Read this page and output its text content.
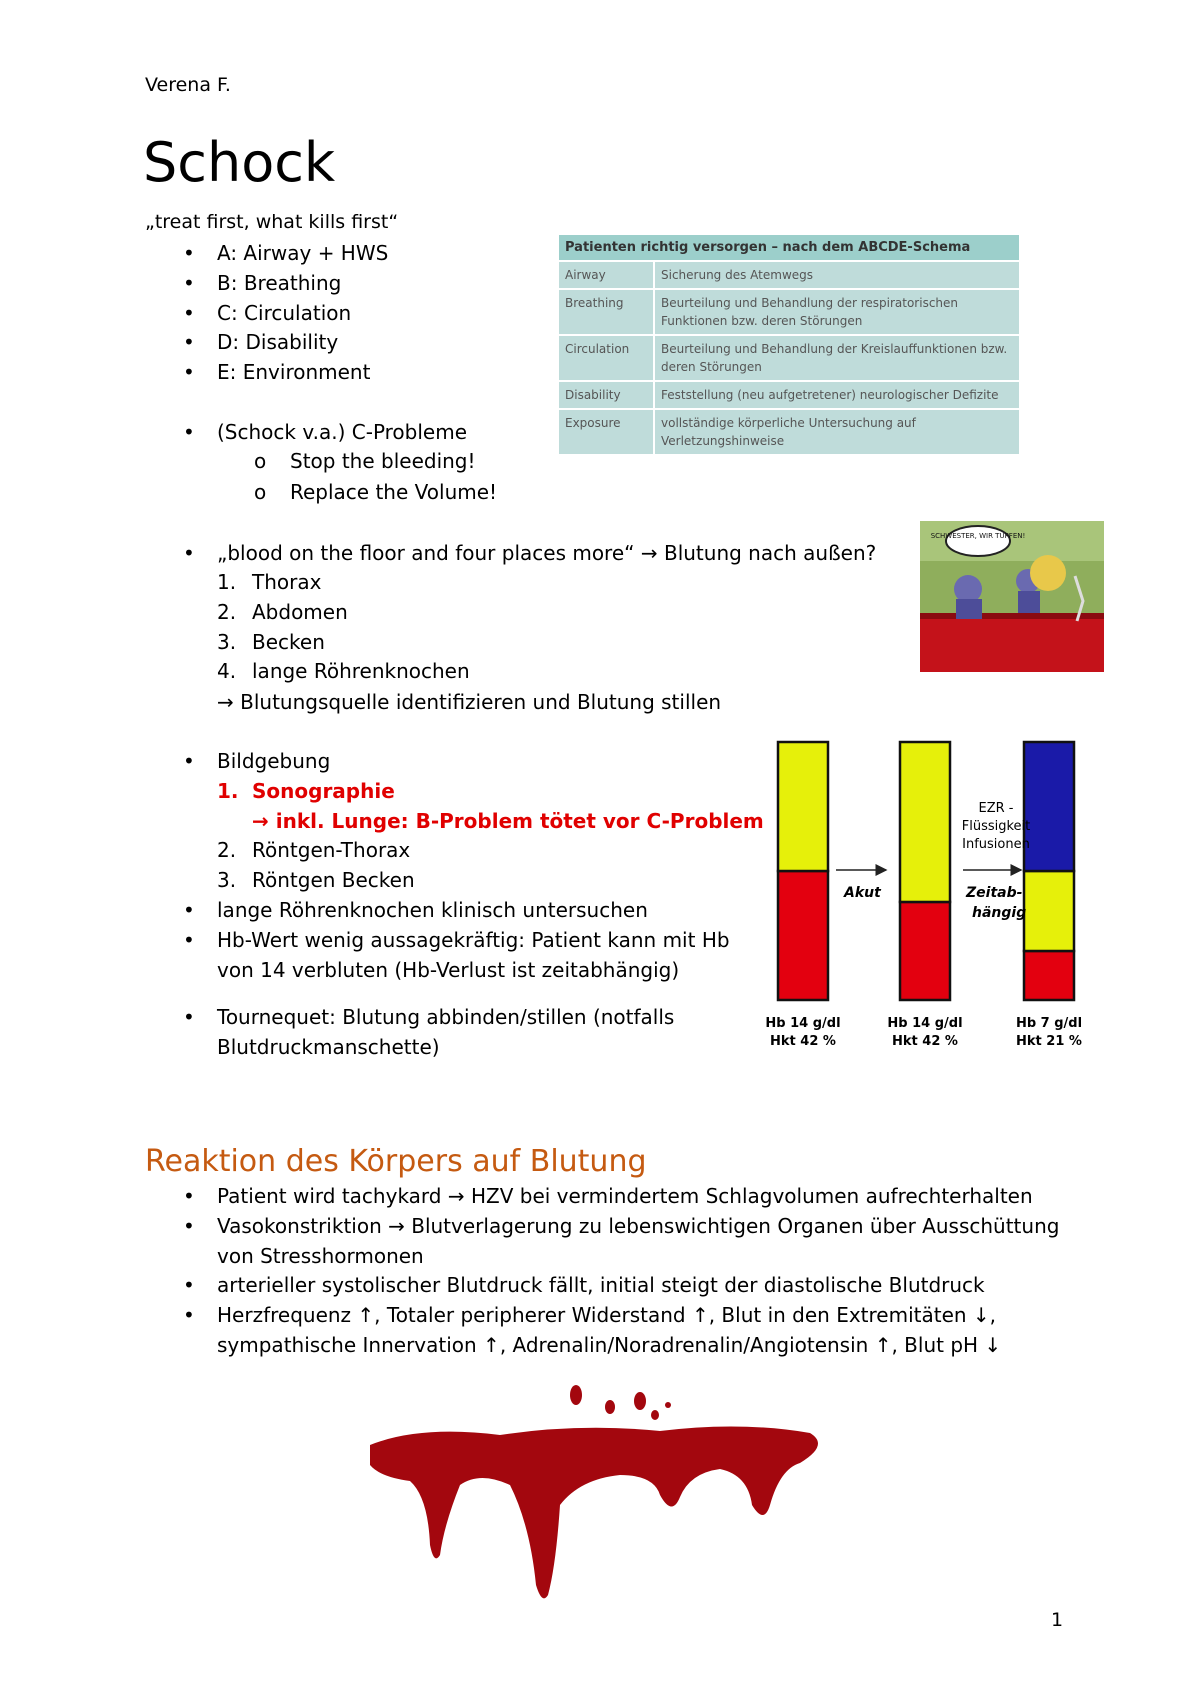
Verena F.
Schock
„treat first, what kills first“
• A: Airway + HWS
• B: Breathing
• C: Circulation
• D: Disability
• E: Environment
• (Schock v.a.) C-Probleme
o Stop the bleeding!
o Replace the Volume!
• „blood on the floor and four places more“ → Blutung nach außen?
1. Thorax
2. Abdomen
3. Becken
4. lange Röhrenknochen
→ Blutungsquelle identifizieren und Blutung stillen
• Bildgebung
1. Sonographie
→ inkl. Lunge: B-Problem tötet vor C-Problem
2. Röntgen-Thorax
3. Röntgen Becken
• lange Röhrenknochen klinisch untersuchen
• Hb-Wert wenig aussagekräftig: Patient kann mit Hb
von 14 verbluten (Hb-Verlust ist zeitabhängig)
• Tournequet: Blutung abbinden/stillen (notfalls
Blutdruckmanschette)
Patienten richtig versorgen – nach dem ABCDE-Schema	
Airway	Sicherung des Atemwegs
Breathing	Beurteilung und Behandlung der respiratorischen Funktionen bzw. deren Störungen
Circulation	Beurteilung und Behandlung der Kreislauffunktionen bzw. deren Störungen
Disability	Feststellung (neu aufgetretener) neurologischer Defizite
Exposure	vollständige körperliche Untersuchung auf Verletzungshinweise
SCHWESTER, WIR TUPFEN!
Hb 14 g/dl
Hkt 42 %
Hb 14 g/dl
Hkt 42 %
Hb 7 g/dl
Hkt 21 %
Akut	Zeitab-
hängig
EZR -
Flüssigkeit
Infusionen
Reaktion des Körpers auf Blutung
• Patient wird tachykard → HZV bei vermindertem Schlagvolumen aufrechterhalten
• Vasokonstriktion → Blutverlagerung zu lebenswichtigen Organen über Ausschüttung
von Stresshormonen
• arterieller systolischer Blutdruck fällt, initial steigt der diastolische Blutdruck
• Herzfrequenz ↑, Totaler peripherer Widerstand ↑, Blut in den Extremitäten ↓,
sympathische Innervation ↑, Adrenalin/Noradrenalin/Angiotensin ↑, Blut pH ↓
1
